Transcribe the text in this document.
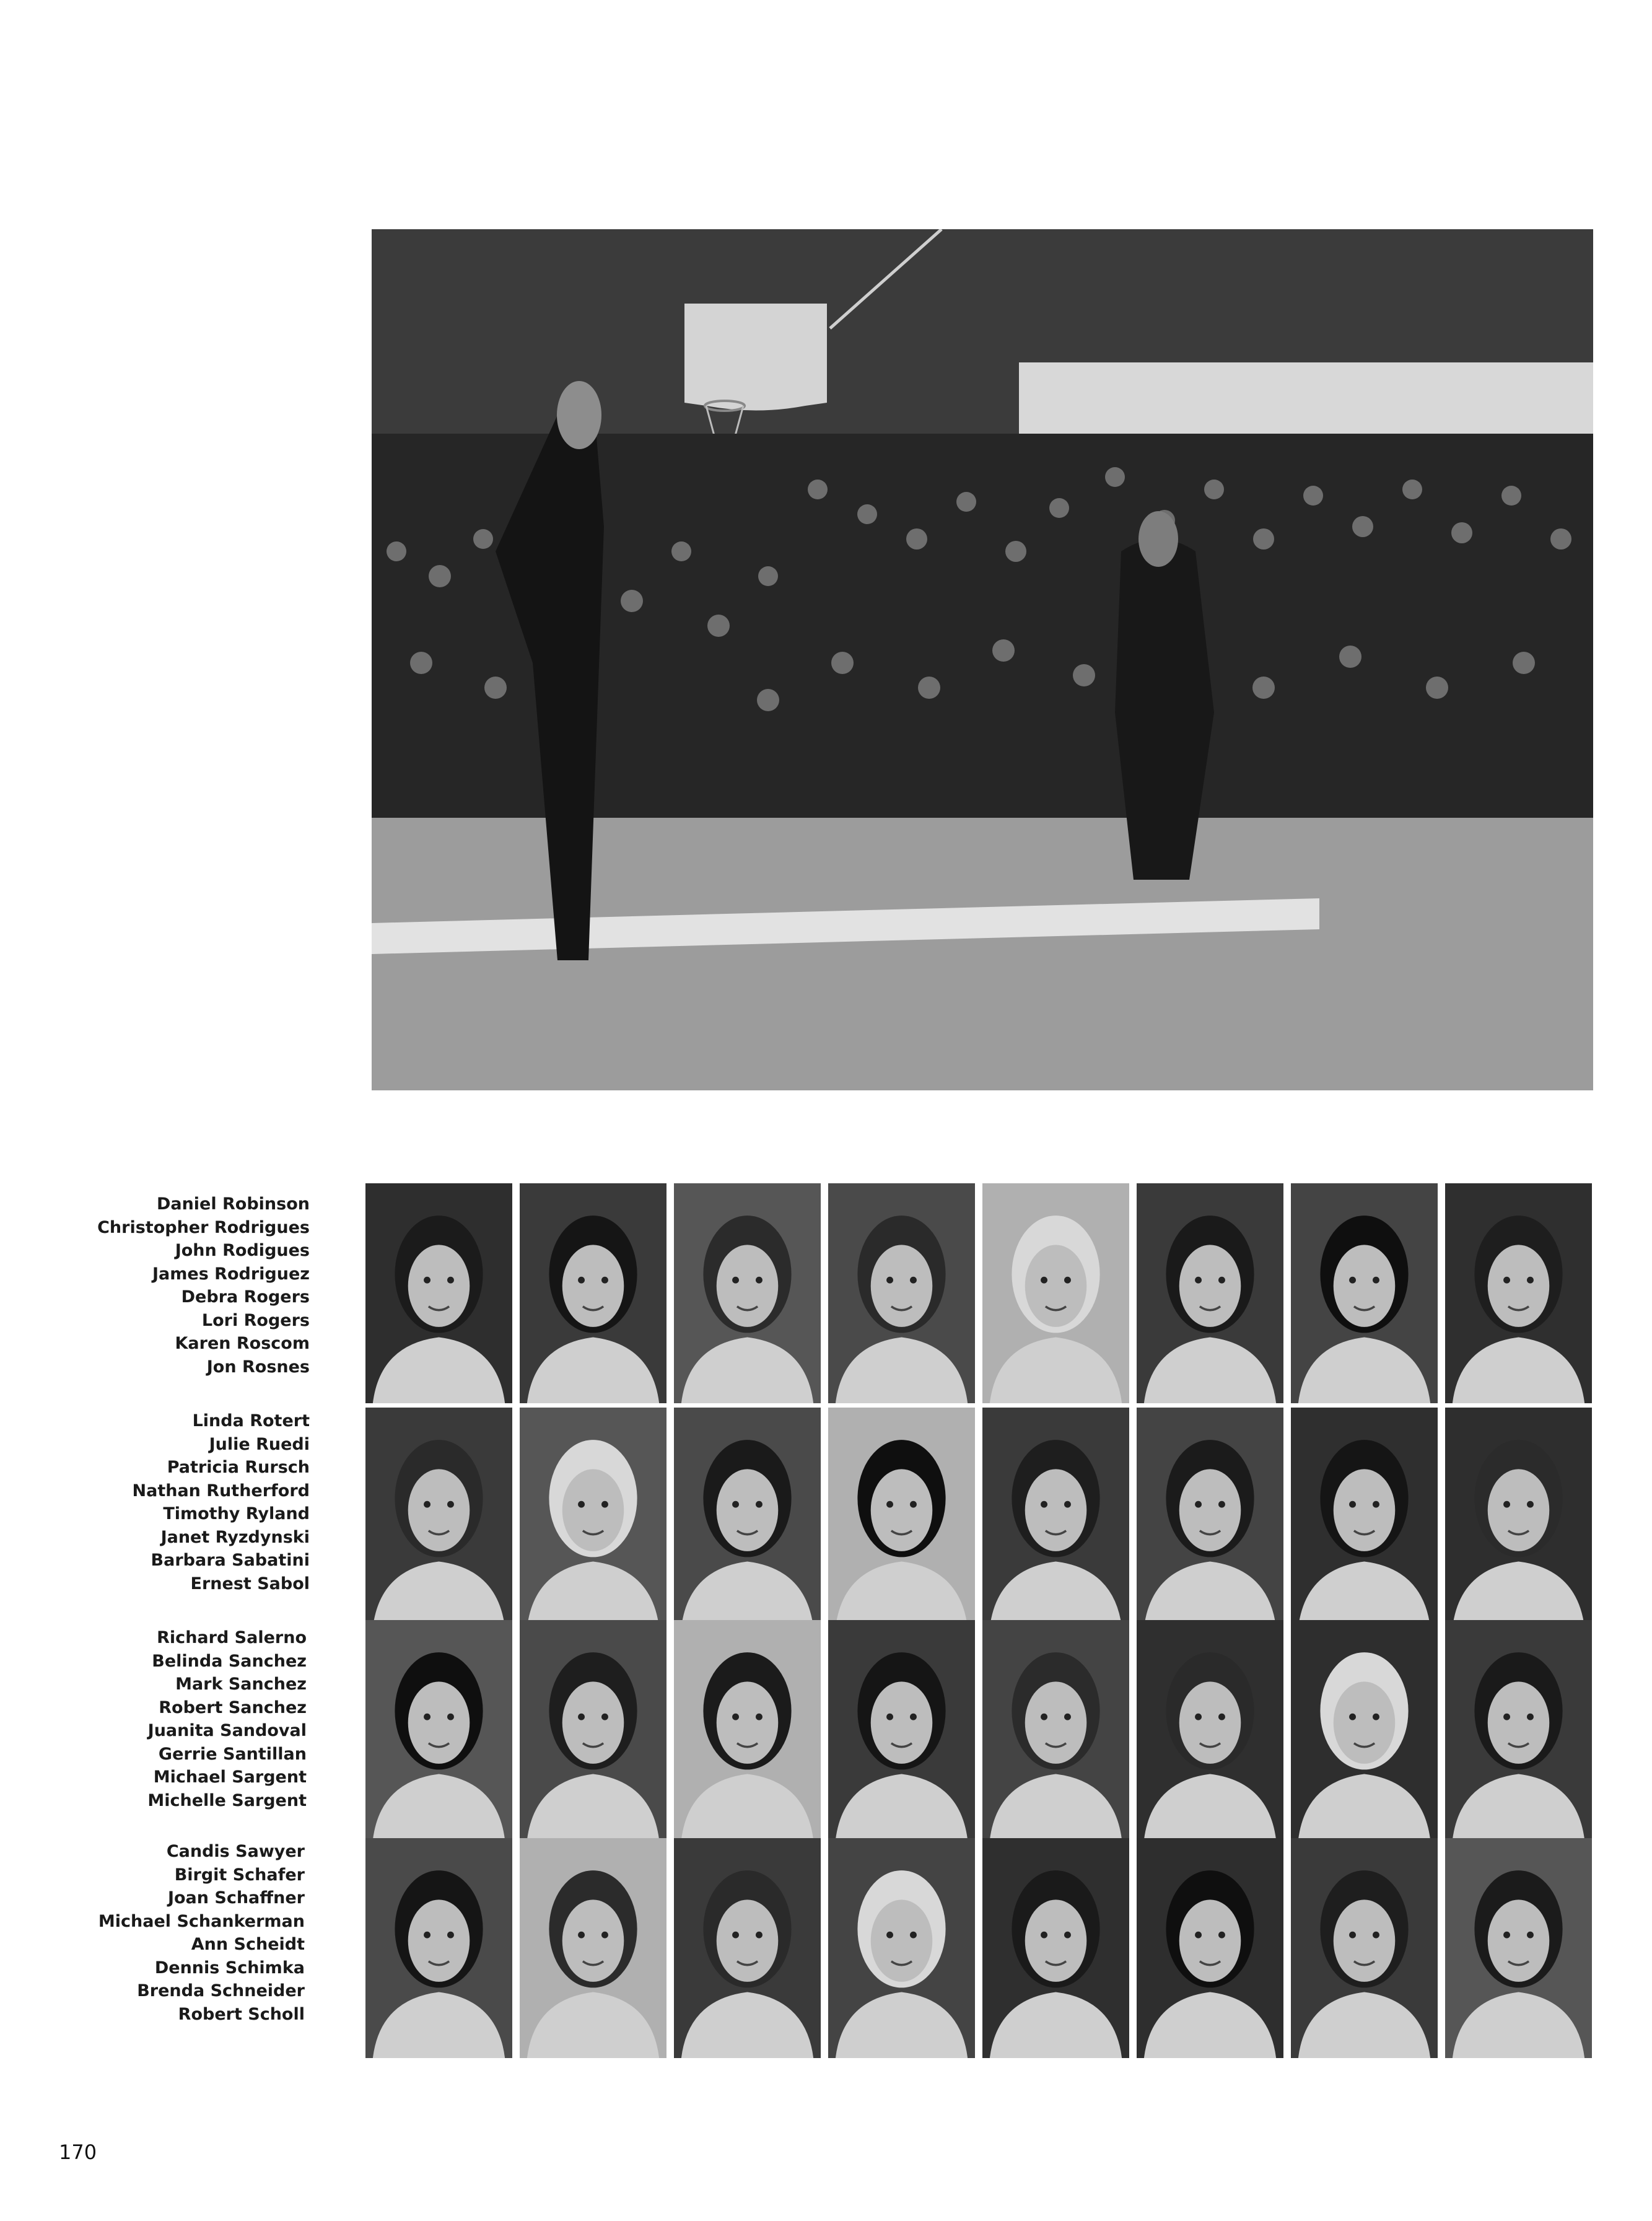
Daniel Robinson
Christopher Rodrigues
John Rodigues
James Rodriguez
Debra Rogers
Lori Rogers
Karen Roscom
Jon Rosnes
Linda Rotert
Julie Ruedi
Patricia Rursch
Nathan Rutherford
Timothy Ryland
Janet Ryzdynski
Barbara Sabatini
Ernest Sabol
Richard Salerno
Belinda Sanchez
Mark Sanchez
Robert Sanchez
Juanita Sandoval
Gerrie Santillan
Michael Sargent
Michelle Sargent
Candis Sawyer
Birgit Schafer
Joan Schaffner
Michael Schankerman
Ann Scheidt
Dennis Schimka
Brenda Schneider
Robert Scholl
170
